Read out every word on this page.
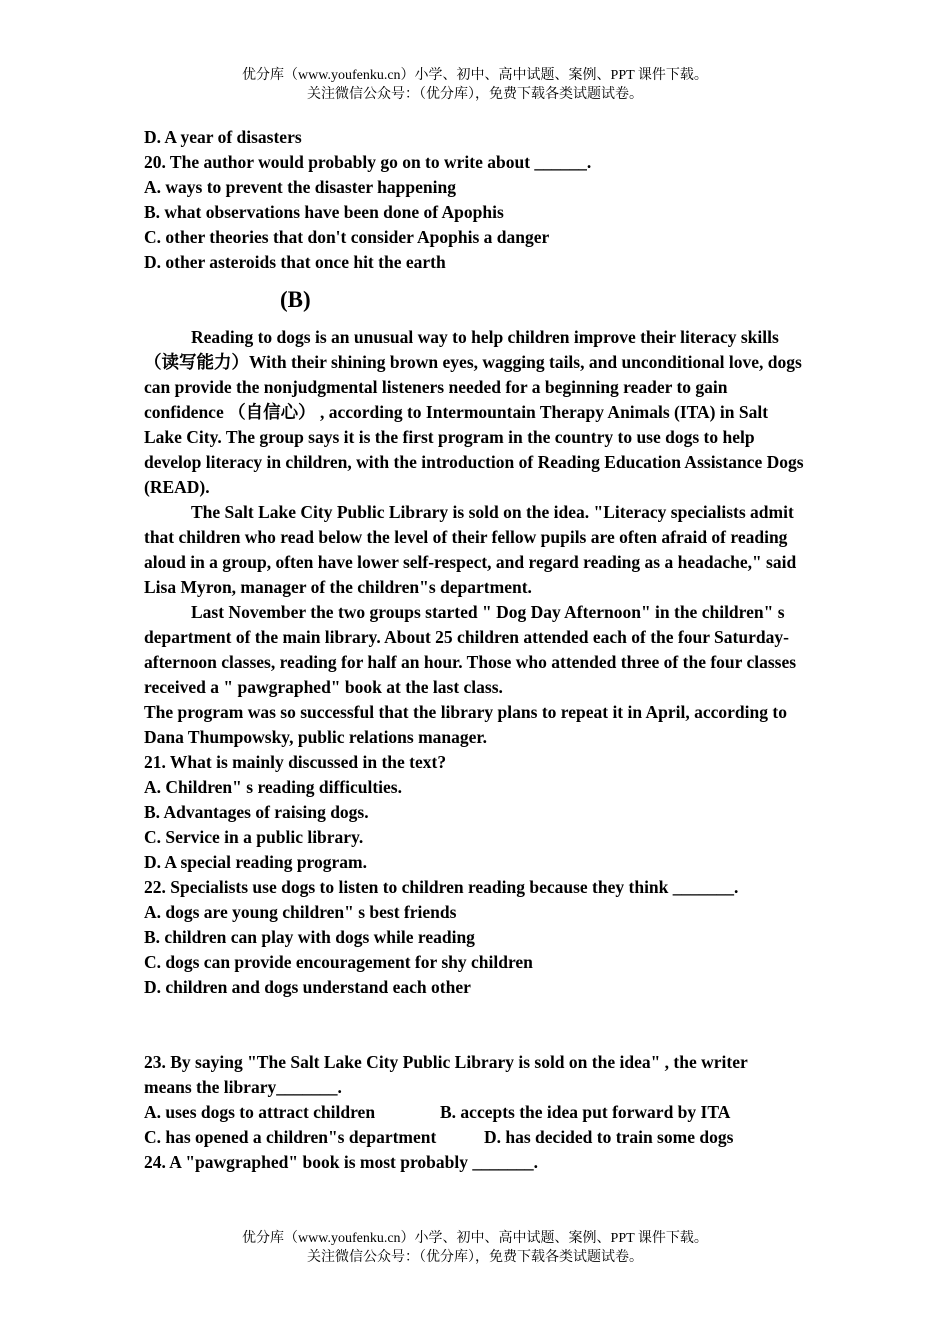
优分库（www.youfenku.cn）小学、初中、高中试题、案例、PPT 课件下载。
关注微信公众号：（优分库），免费下载各类试题试卷。
D. A year of disasters
20. The author would probably go on to write about ______.
A. ways to prevent the disaster happening
B. what observations have been done of Apophis
C. other theories that don't consider Apophis a danger
D. other asteroids that once hit the earth
(B)
Reading to dogs is an unusual way to help children improve their literacy skills （读写能力）With their shining brown eyes, wagging tails, and unconditional love, dogs can provide the nonjudgmental listeners needed for a beginning reader to gain confidence （自信心） , according to Intermountain Therapy Animals (ITA) in Salt Lake City. The group says it is the first program in the country to use dogs to help develop literacy in children, with the introduction of Reading Education Assistance Dogs (READ).
The Salt Lake City Public Library is sold on the idea. "Literacy specialists admit that children who read below the level of their fellow pupils are often afraid of reading aloud in a group, often have lower self-respect, and regard reading as a headache," said Lisa Myron, manager of the children"s department.
Last November the two groups started " Dog Day Afternoon" in the children" s department of the main library. About 25 children attended each of the four Saturday-afternoon classes, reading for half an hour. Those who attended three of the four classes received a " pawgraphed" book at the last class.
The program was so successful that the library plans to repeat it in April, according to Dana Thumpowsky, public relations manager.
21. What is mainly discussed in the text?
A. Children" s reading difficulties.
B. Advantages of raising dogs.
C. Service in a public library.
D. A special reading program.
22. Specialists use dogs to listen to children reading because they think _______.
A. dogs are young children" s best friends
B. children can play with dogs while reading
C. dogs can provide encouragement for shy children
D. children and dogs understand each other
23. By saying "The Salt Lake City Public Library is sold on the idea" , the writer
means the library_______.
A. uses dogs to attract children	B. accepts the idea put forward by ITA
C. has opened a children"s department	D. has decided to train some dogs
24. A "pawgraphed" book is most probably _______.
优分库（www.youfenku.cn）小学、初中、高中试题、案例、PPT 课件下载。
关注微信公众号：（优分库），免费下载各类试题试卷。
